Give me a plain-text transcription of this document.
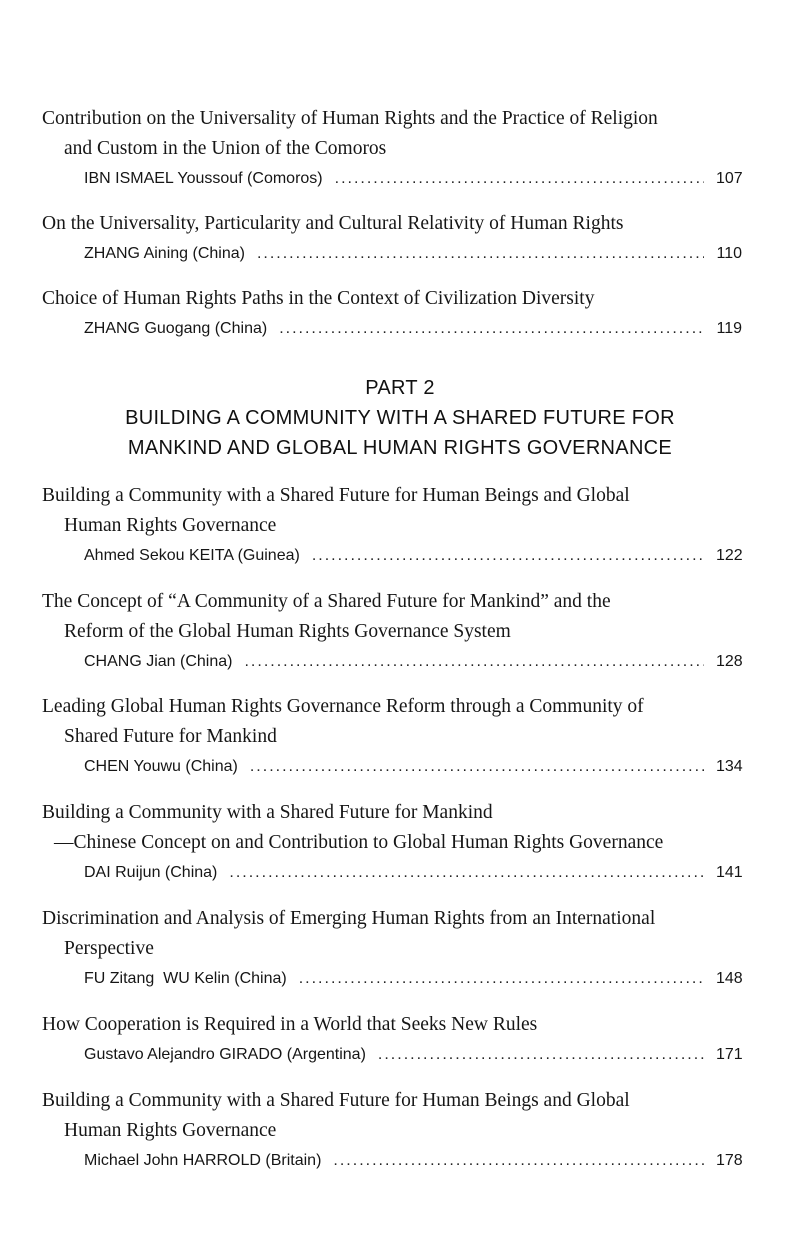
Contribution on the Universality of Human Rights and the Practice of Religion
and Custom in the Union of the Comoros

IBN ISMAEL Youssouf (Comoros) .....	107

On the Universality, Particularity and Cultural Relativity of Human Rights

ZHANG Aining (China) .....	110

Choice of Human Rights Paths in the Context of Civilization Diversity

ZHANG Guogang (China) .....	119

PART 2
BUILDING A COMMUNITY WITH A SHARED FUTURE FOR
MANKIND AND GLOBAL HUMAN RIGHTS GOVERNANCE

Building a Community with a Shared Future for Human Beings and Global
Human Rights Governance

Ahmed Sekou KEITA (Guinea) .....	122

The Concept of “A Community of a Shared Future for Mankind” and the
Reform of the Global Human Rights Governance System

CHANG Jian (China) .....	128

Leading Global Human Rights Governance Reform through a Community of
Shared Future for Mankind

CHEN Youwu (China) .....	134

Building a Community with a Shared Future for Mankind
—Chinese Concept on and Contribution to Global Human Rights Governance

DAI Ruijun (China) .....	141

Discrimination and Analysis of Emerging Human Rights from an International
Perspective

FU Zitang  WU Kelin (China) .....	148

How Cooperation is Required in a World that Seeks New Rules

Gustavo Alejandro GIRADO (Argentina) .....	171

Building a Community with a Shared Future for Human Beings and Global
Human Rights Governance

Michael John HARROLD (Britain) .....	178
